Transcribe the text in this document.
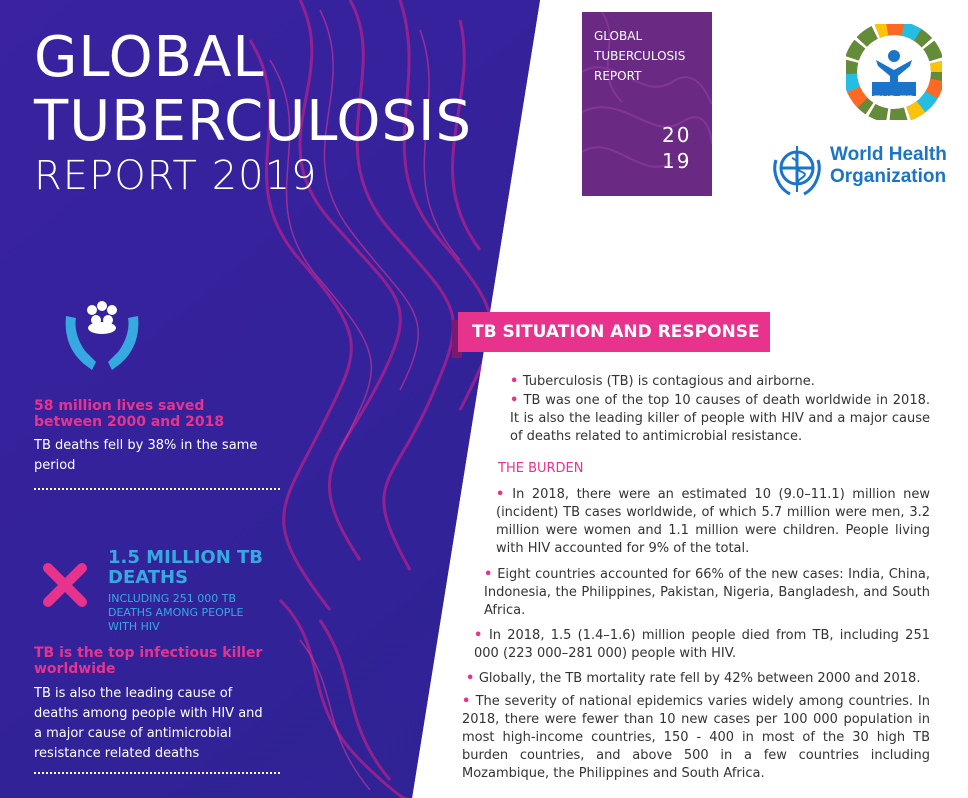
GLOBAL
TUBERCULOSIS
REPORT 2019
58 million lives saved between 2000 and 2018
TB deaths fell by 38% in the same period
1.5 MILLION TB DEATHS
INCLUDING 251 000 TB DEATHS AMONG PEOPLE WITH HIV
TB is the top infectious killer worldwide
TB is also the leading cause of deaths among people with HIV and a major cause of antimicrobial resistance related deaths
GLOBAL TUBERCULOSIS REPORT
20 19
END TB
World Health
Organization
TB SITUATION AND RESPONSE
• Tuberculosis (TB) is contagious and airborne.
• TB was one of the top 10 causes of death worldwide in 2018. It is also the leading killer of people with HIV and a major cause of deaths related to antimicrobial resistance.
THE BURDEN
• In 2018, there were an estimated 10 (9.0–11.1) million new (incident) TB cases worldwide, of which 5.7 million were men, 3.2 million were women and 1.1 million were children. People living with HIV accounted for 9% of the total.
• Eight countries accounted for 66% of the new cases: India, China, Indonesia, the Philippines, Pakistan, Nigeria, Bangladesh, and South Africa.
• In 2018, 1.5 (1.4–1.6) million people died from TB, including 251 000 (223 000–281 000) people with HIV.
• Globally, the TB mortality rate fell by 42% between 2000 and 2018.
• The severity of national epidemics varies widely among countries. In 2018, there were fewer than 10 new cases per 100 000 population in most high-income countries, 150 - 400 in most of the 30 high TB burden countries, and above 500 in a few countries including Mozambique, the Philippines and South Africa.
